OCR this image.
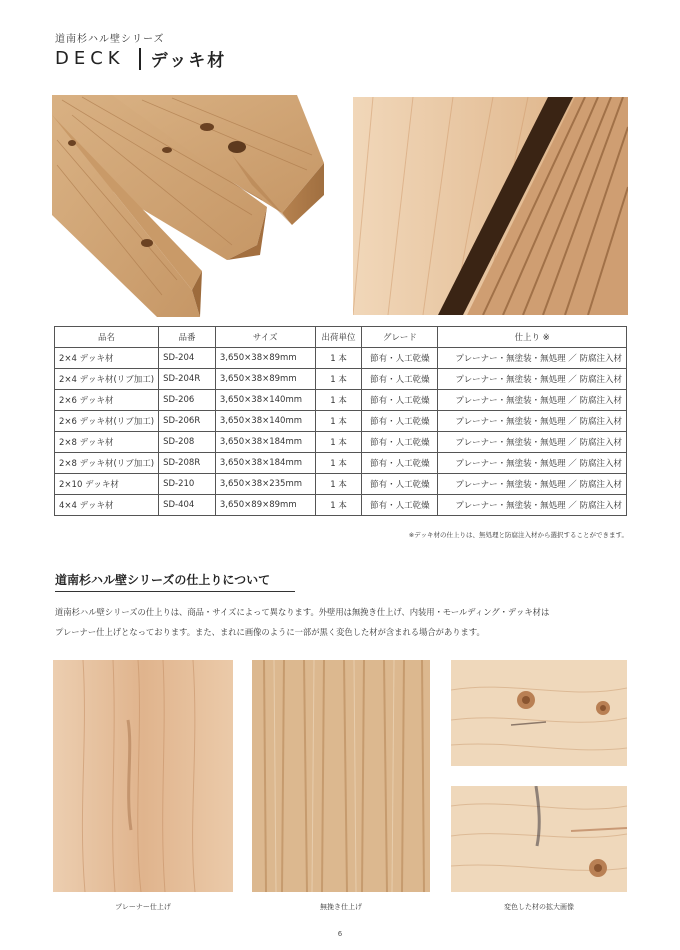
道南杉ハル壁シリーズ
DECK デッキ材
品名	品番	サイズ	出荷単位	グレード	仕上り ※
2×4 デッキ材	SD-204	3,650×38×89mm	1 本	節有・人工乾燥	プレーナー・無塗装・無処理 ／ 防腐注入材
2×4 デッキ材(リブ加工)	SD-204R	3,650×38×89mm	1 本	節有・人工乾燥	プレーナー・無塗装・無処理 ／ 防腐注入材
2×6 デッキ材	SD-206	3,650×38×140mm	1 本	節有・人工乾燥	プレーナー・無塗装・無処理 ／ 防腐注入材
2×6 デッキ材(リブ加工)	SD-206R	3,650×38×140mm	1 本	節有・人工乾燥	プレーナー・無塗装・無処理 ／ 防腐注入材
2×8 デッキ材	SD-208	3,650×38×184mm	1 本	節有・人工乾燥	プレーナー・無塗装・無処理 ／ 防腐注入材
2×8 デッキ材(リブ加工)	SD-208R	3,650×38×184mm	1 本	節有・人工乾燥	プレーナー・無塗装・無処理 ／ 防腐注入材
2×10 デッキ材	SD-210	3,650×38×235mm	1 本	節有・人工乾燥	プレーナー・無塗装・無処理 ／ 防腐注入材
4×4 デッキ材	SD-404	3,650×89×89mm	1 本	節有・人工乾燥	プレーナー・無塗装・無処理 ／ 防腐注入材
※デッキ材の仕上りは、無処理と防腐注入材から選択することができます。
道南杉ハル壁シリーズの仕上りについて

道南杉ハル壁シリーズの仕上りは、商品・サイズによって異なります。外壁用は無挽き仕上げ、内装用・モールディング・デッキ材は

プレーナー仕上げとなっております。また、まれに画像のように一部が黒く変色した材が含まれる場合があります。

プレーナー仕上げ	無挽き仕上げ	変色した材の拡大画像
6
